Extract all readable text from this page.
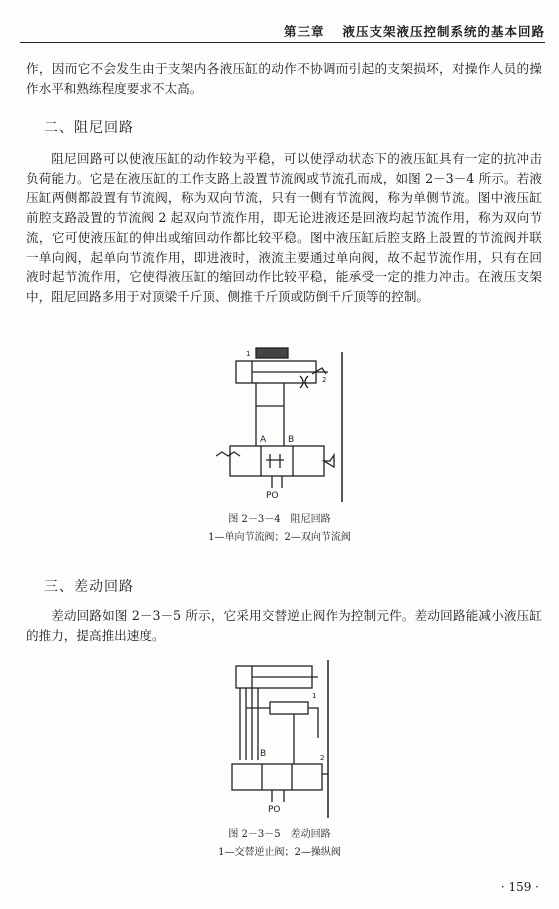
第三章 液压支架液压控制系统的基本回路

作，因而它不会发生由于支架内各液压缸的动作不协调而引起的支架损坏，对操作人员的操作水平和熟练程度要求不太高。

二、阻尼回路

阻尼回路可以使液压缸的动作较为平稳，可以使浮动状态下的液压缸具有一定的抗冲击负荷能力。它是在液压缸的工作支路上設置节流阀或节流孔而成，如图 2－3－4 所示。若液压缸两侧都設置有节流阀，称为双向节流，只有一侧有节流阀，称为单侧节流。图中液压缸前腔支路設置的节流阀 2 起双向节流作用，即无论进液还是回液均起节流作用，称为双向节流，它可使液压缸的伸出或缩回动作都比较平稳。图中液压缸后腔支路上設置的节流阀并联一单向阀，起单向节流作用，即进液时，液流主要通过单向阀，故不起节流作用，只有在回液时起节流作用，它使得液压缸的缩回动作比较平稳，能承受一定的推力冲击。在液压支架中，阻尼回路多用于对顶梁千斤顶、侧推千斤顶或防倒千斤顶等的控制。

A B
PO
1
2
图 2－3－4　阻尼回路
1—单向节流阀；2—双向节流阀
三、差动回路

差动回路如图 2－3－5 所示，它采用交替逆止阀作为控制元件。差动回路能减小液压缸的推力，提高推出速度。

B
PO
1
2
图 2－3－5　差动回路
1—交替逆止阀；2—操纵阀
· 159 ·
